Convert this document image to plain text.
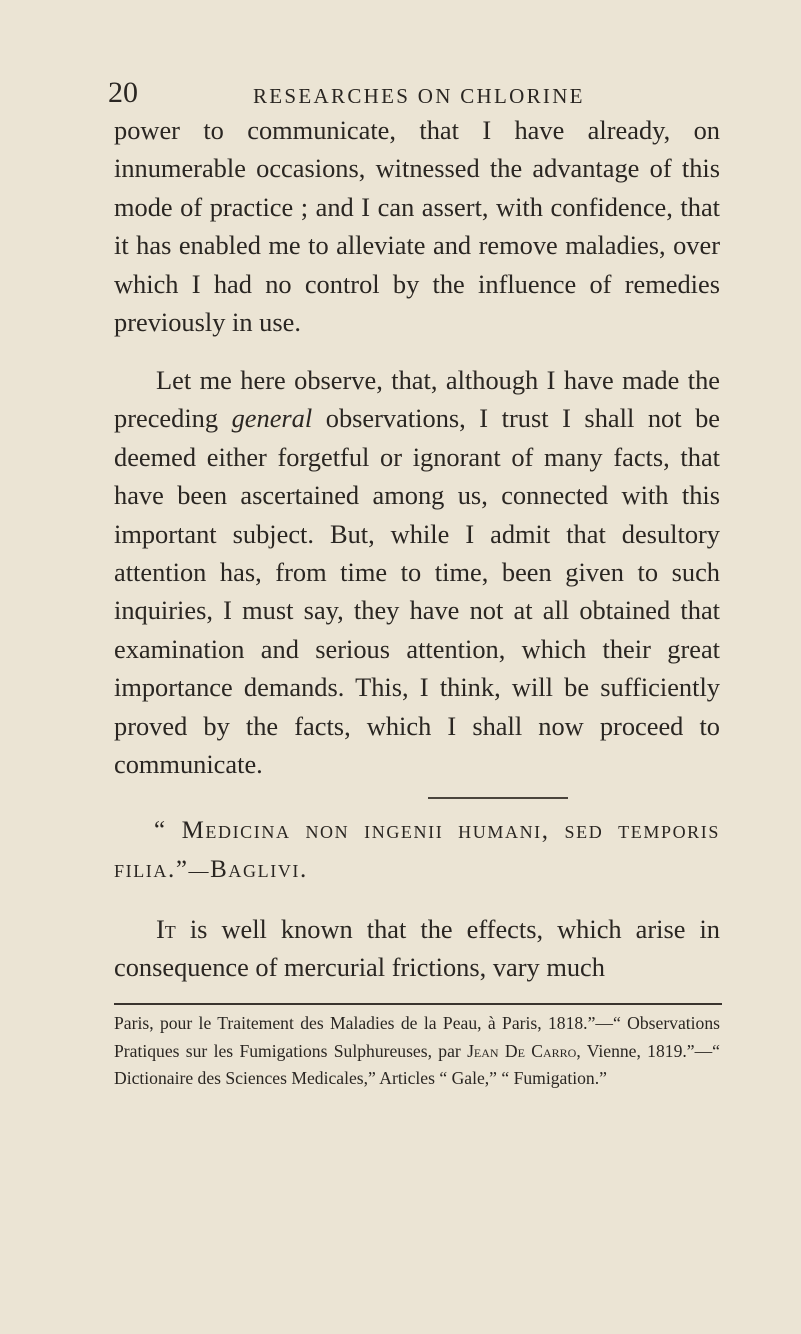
20	RESEARCHES ON CHLORINE

power to communicate, that I have already, on innumerable occasions, witnessed the advantage of this mode of practice ; and I can assert, with confidence, that it has enabled me to alleviate and remove maladies, over which I had no control by the influence of remedies previously in use.

Let me here observe, that, although I have made the preceding general observations, I trust I shall not be deemed either forgetful or ignorant of many facts, that have been ascertained among us, connected with this important subject. But, while I admit that desultory attention has, from time to time, been given to such inquiries, I must say, they have not at all obtained that examination and serious attention, which their great importance demands. This, I think, will be sufficiently proved by the facts, which I shall now proceed to communicate.

“ Medicina non ingenii humani, sed temporis filia.”—Baglivi.

It is well known that the effects, which arise in consequence of mercurial frictions, vary much

Paris, pour le Traitement des Maladies de la Peau, à Paris, 1818.”—“ Observations Pratiques sur les Fumigations Sulphureuses, par Jean De Carro, Vienne, 1819.”—“ Dictionaire des Sciences Medicales,” Articles “ Gale,” “ Fumigation.”
